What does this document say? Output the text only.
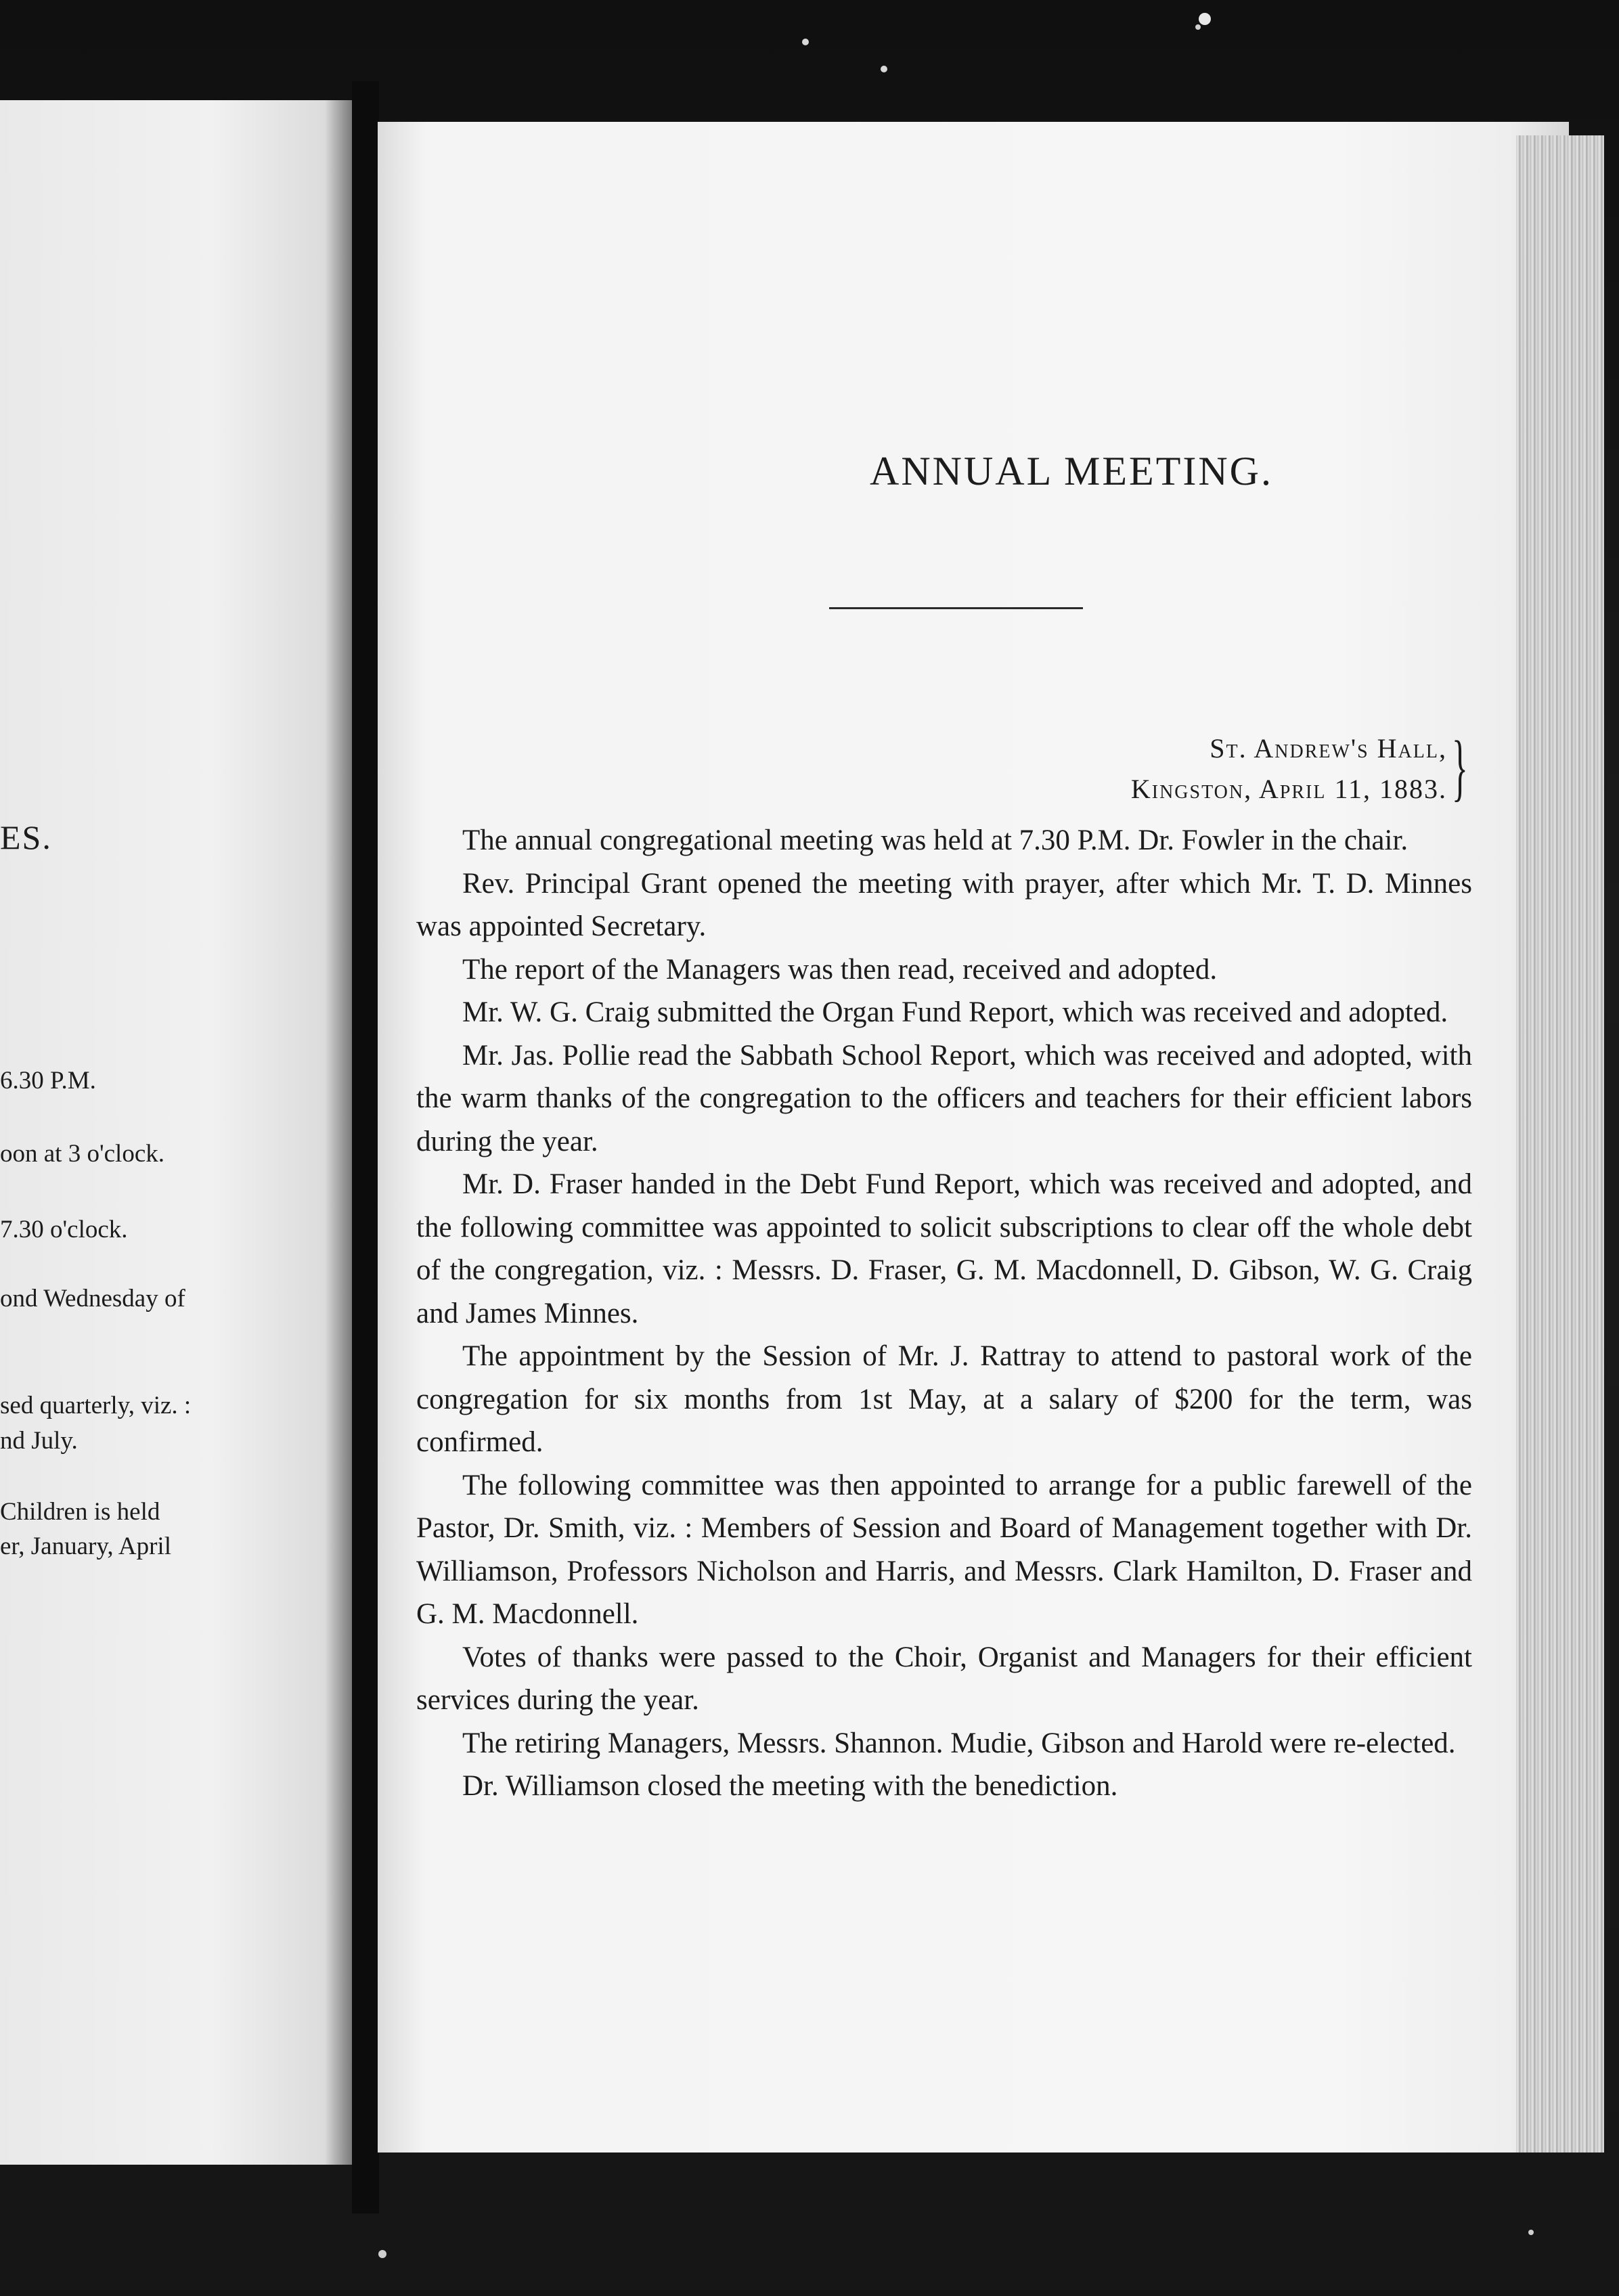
ES.
6.30 P.M.
oon at 3 o'clock.
7.30 o'clock.
ond Wednesday of
sed quarterly, viz. :
nd July.
Children is held
er, January, April
ANNUAL MEETING.
St. Andrew's Hall,
Kingston, April 11, 1883. }

The annual congregational meeting was held at 7.30 P.M. Dr. Fowler in the chair.

Rev. Principal Grant opened the meeting with prayer, after which Mr. T. D. Minnes was appointed Secretary.

The report of the Managers was then read, received and adopted.

Mr. W. G. Craig submitted the Organ Fund Report, which was received and adopted.

Mr. Jas. Pollie read the Sabbath School Report, which was received and adopted, with the warm thanks of the congregation to the officers and teachers for their efficient labors during the year.

Mr. D. Fraser handed in the Debt Fund Report, which was received and adopted, and the following committee was appointed to solicit subscriptions to clear off the whole debt of the congregation, viz. : Messrs. D. Fraser, G. M. Macdonnell, D. Gibson, W. G. Craig and James Minnes.

The appointment by the Session of Mr. J. Rattray to attend to pastoral work of the congregation for six months from 1st May, at a salary of $200 for the term, was confirmed.

The following committee was then appointed to arrange for a public farewell of the Pastor, Dr. Smith, viz. : Members of Session and Board of Management together with Dr. Williamson, Professors Nicholson and Harris, and Messrs. Clark Hamilton, D. Fraser and G. M. Macdonnell.

Votes of thanks were passed to the Choir, Organist and Managers for their efficient services during the year.

The retiring Managers, Messrs. Shannon. Mudie, Gibson and Harold were re-elected.

Dr. Williamson closed the meeting with the benediction.
